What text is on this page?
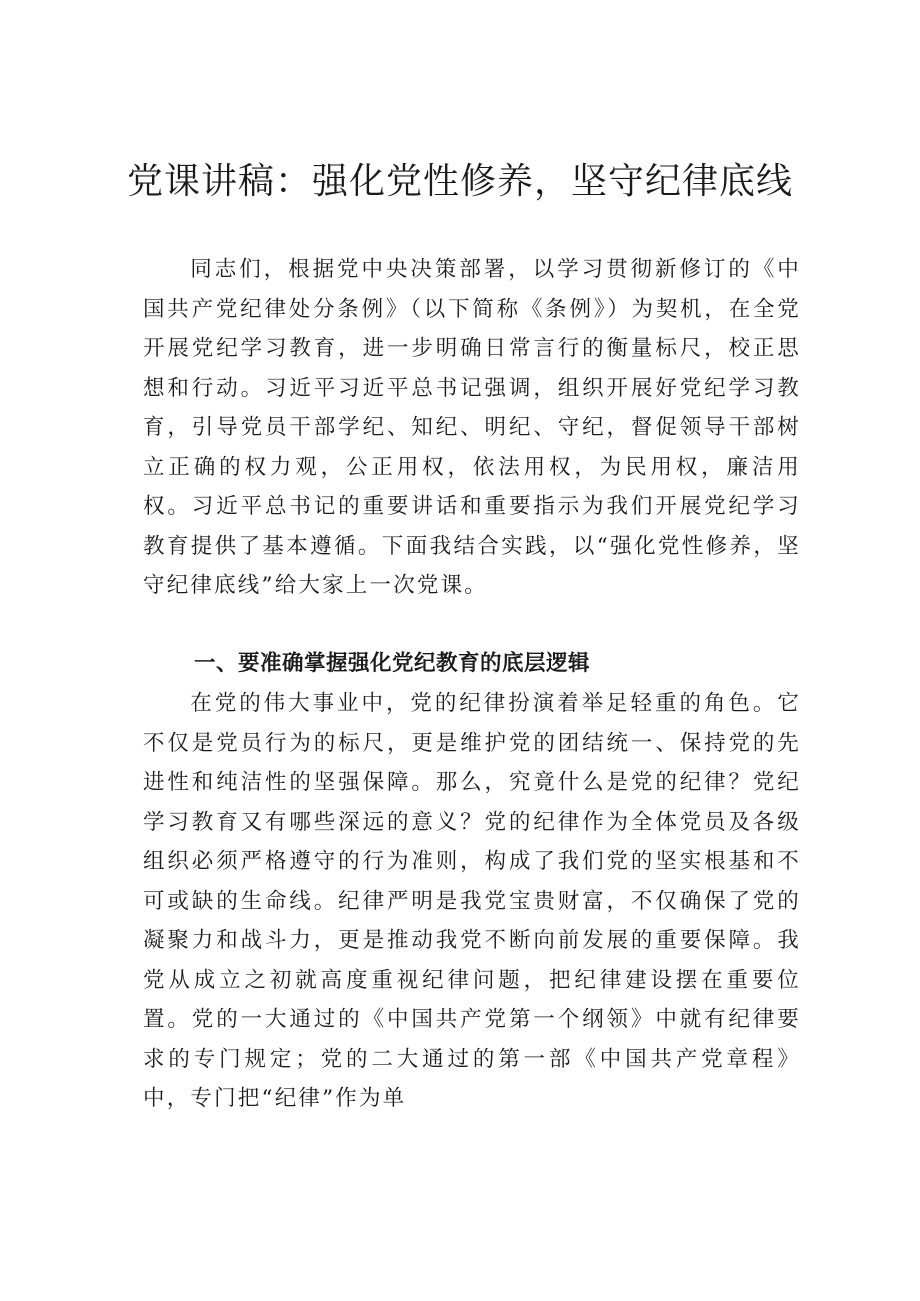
党课讲稿：强化党性修养，坚守纪律底线

同志们，根据党中央决策部署，以学习贯彻新修订的《中国共产党纪律处分条例》（以下简称《条例》）为契机，在全党开展党纪学习教育，进一步明确日常言行的衡量标尺，校正思想和行动。习近平习近平总书记强调，组织开展好党纪学习教育，引导党员干部学纪、知纪、明纪、守纪，督促领导干部树立正确的权力观，公正用权，依法用权，为民用权，廉洁用权。习近平总书记的重要讲话和重要指示为我们开展党纪学习教育提供了基本遵循。下面我结合实践，以“强化党性修养，坚守纪律底线”给大家上一次党课。

一、要准确掌握强化党纪教育的底层逻辑

在党的伟大事业中，党的纪律扮演着举足轻重的角色。它不仅是党员行为的标尺，更是维护党的团结统一、保持党的先进性和纯洁性的坚强保障。那么，究竟什么是党的纪律？党纪学习教育又有哪些深远的意义？党的纪律作为全体党员及各级组织必须严格遵守的行为准则，构成了我们党的坚实根基和不可或缺的生命线。纪律严明是我党宝贵财富，不仅确保了党的凝聚力和战斗力，更是推动我党不断向前发展的重要保障。我党从成立之初就高度重视纪律问题，把纪律建设摆在重要位置。党的一大通过的《中国共产党第一个纲领》中就有纪律要求的专门规定；党的二大通过的第一部《中国共产党章程》中，专门把“纪律”作为单
